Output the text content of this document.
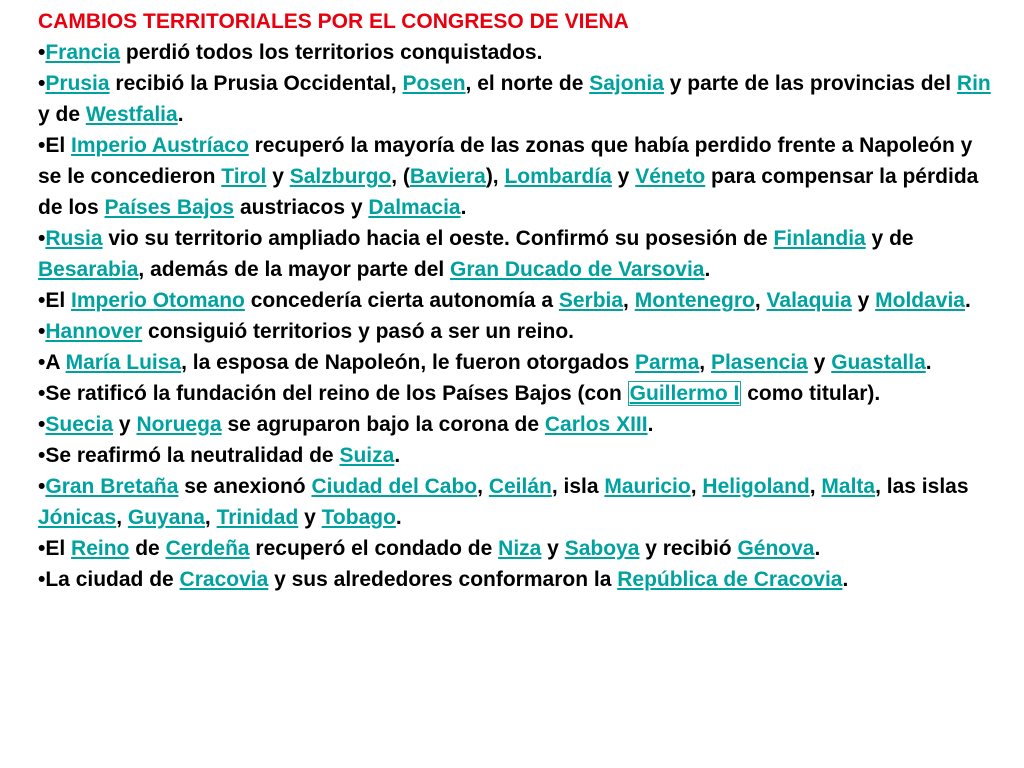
CAMBIOS TERRITORIALES POR EL CONGRESO DE VIENA
•Francia perdió todos los territorios conquistados.
•Prusia recibió la Prusia Occidental, Posen, el norte de Sajonia y parte de las provincias del Rin y de Westfalia.
•El Imperio Austríaco recuperó la mayoría de las zonas que había perdido frente a Napoleón y se le concedieron Tirol y Salzburgo, (Baviera), Lombardía y Véneto para compensar la pérdida de los Países Bajos austriacos y Dalmacia.
•Rusia vio su territorio ampliado hacia el oeste. Confirmó su posesión de Finlandia y de Besarabia, además de la mayor parte del Gran Ducado de Varsovia.
•El Imperio Otomano concedería cierta autonomía a Serbia, Montenegro, Valaquia y Moldavia.
•Hannover consiguió territorios y pasó a ser un reino.
•A María Luisa, la esposa de Napoleón, le fueron otorgados Parma, Plasencia y Guastalla.
•Se ratificó la fundación del reino de los Países Bajos (con Guillermo I como titular).
•Suecia y Noruega se agruparon bajo la corona de Carlos XIII.
•Se reafirmó la neutralidad de Suiza.
•Gran Bretaña se anexionó Ciudad del Cabo, Ceilán, isla Mauricio, Heligoland, Malta, las islas Jónicas, Guyana, Trinidad y Tobago.
•El Reino de Cerdeña recuperó el condado de Niza y Saboya y recibió Génova.
•La ciudad de Cracovia y sus alrededores conformaron la República de Cracovia.
